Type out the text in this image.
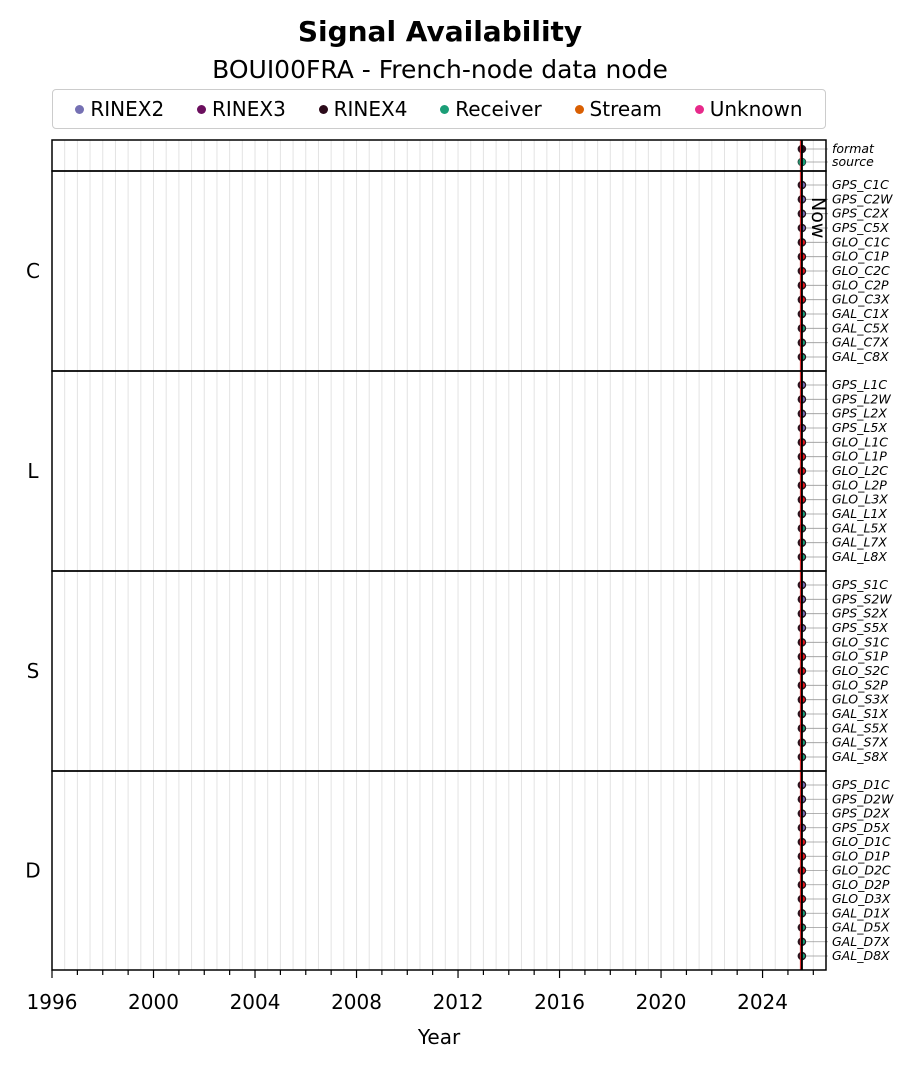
Signal Availability
BOUI00FRA - French-node data node
RINEX2 RINEX3 RINEX4 Receiver Stream Unknown
format
source
GPS_C1C
GPS_C2W
GPS_C2X
GPS_C5X
GLO_C1C
GLO_C1P
GLO_C2C
GLO_C2P
GLO_C3X
GAL_C1X
GAL_C5X
GAL_C7X
GAL_C8X
C
GPS_L1C
GPS_L2W
GPS_L2X
GPS_L5X
GLO_L1C
GLO_L1P
GLO_L2C
GLO_L2P
GLO_L3X
GAL_L1X
GAL_L5X
GAL_L7X
GAL_L8X
L
GPS_S1C
GPS_S2W
GPS_S2X
GPS_S5X
GLO_S1C
GLO_S1P
GLO_S2C
GLO_S2P
GLO_S3X
GAL_S1X
GAL_S5X
GAL_S7X
GAL_S8X
S
GPS_D1C
GPS_D2W
GPS_D2X
GPS_D5X
GLO_D1C
GLO_D1P
GLO_D2C
GLO_D2P
GLO_D3X
GAL_D1X
GAL_D5X
GAL_D7X
GAL_D8X
D
Now
1996	2000	2004	2008	2012	2016	2020	2024
Year
